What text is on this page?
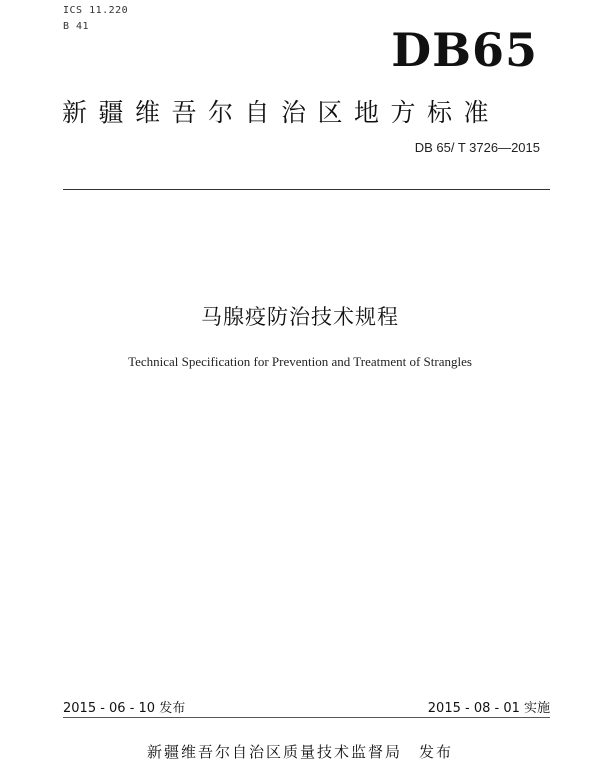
ICS 11.220
B 41	DB65
新疆维吾尔自治区地方标准
DB 65/ T 3726—2015
马腺疫防治技术规程
Technical Specification for Prevention and Treatment of Strangles
2015 - 06 - 10 发布	2015 - 08 - 01 实施
新疆维吾尔自治区质量技术监督局　发布
